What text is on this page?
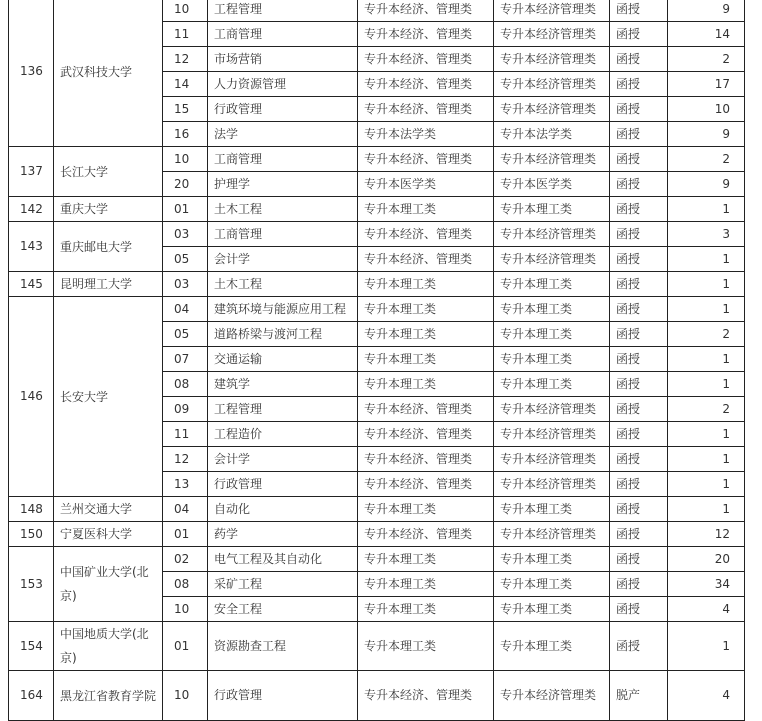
136	武汉科技大学	10	工程管理	专升本经济、管理类	专升本经济管理类	函授	9
		11	工商管理	专升本经济、管理类	专升本经济管理类	函授	14
		12	市场营销	专升本经济、管理类	专升本经济管理类	函授	2
		14	人力资源管理	专升本经济、管理类	专升本经济管理类	函授	17
		15	行政管理	专升本经济、管理类	专升本经济管理类	函授	10
		16	法学	专升本法学类	专升本法学类	函授	9
137	长江大学	10	工商管理	专升本经济、管理类	专升本经济管理类	函授	2
		20	护理学	专升本医学类	专升本医学类	函授	9
142	重庆大学	01	土木工程	专升本理工类	专升本理工类	函授	1
143	重庆邮电大学	03	工商管理	专升本经济、管理类	专升本经济管理类	函授	3
		05	会计学	专升本经济、管理类	专升本经济管理类	函授	1
145	昆明理工大学	03	土木工程	专升本理工类	专升本理工类	函授	1
146	长安大学	04	建筑环境与能源应用工程	专升本理工类	专升本理工类	函授	1
		05	道路桥梁与渡河工程	专升本理工类	专升本理工类	函授	2
		07	交通运输	专升本理工类	专升本理工类	函授	1
		08	建筑学	专升本理工类	专升本理工类	函授	1
		09	工程管理	专升本经济、管理类	专升本经济管理类	函授	2
		11	工程造价	专升本经济、管理类	专升本经济管理类	函授	1
		12	会计学	专升本经济、管理类	专升本经济管理类	函授	1
		13	行政管理	专升本经济、管理类	专升本经济管理类	函授	1
148	兰州交通大学	04	自动化	专升本理工类	专升本理工类	函授	1
150	宁夏医科大学	01	药学	专升本经济、管理类	专升本经济管理类	函授	12
153	中国矿业大学(北京)	02	电气工程及其自动化	专升本理工类	专升本理工类	函授	20
		08	采矿工程	专升本理工类	专升本理工类	函授	34
		10	安全工程	专升本理工类	专升本理工类	函授	4
154	中国地质大学(北京)	01	资源勘查工程	专升本理工类	专升本理工类	函授	1
164	黑龙江省教育学院	10	行政管理	专升本经济、管理类	专升本经济管理类	脱产	4
